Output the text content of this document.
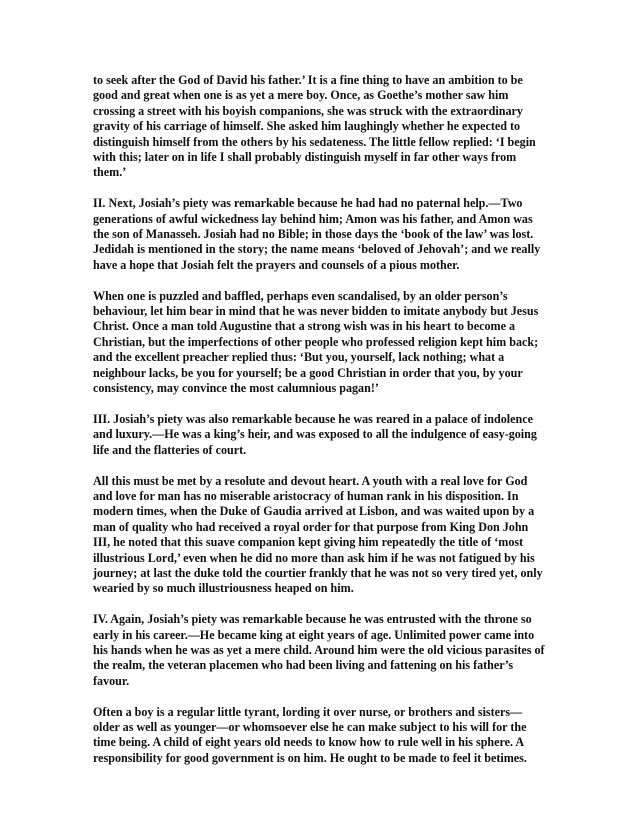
to seek after the God of David his father.’ It is a fine thing to have an ambition to be good and great when one is as yet a mere boy. Once, as Goethe’s mother saw him crossing a street with his boyish companions, she was struck with the extraordinary gravity of his carriage of himself. She asked him laughingly whether he expected to distinguish himself from the others by his sedateness. The little fellow replied: ‘I begin with this; later on in life I shall probably distinguish myself in far other ways from them.’

II. Next, Josiah’s piety was remarkable because he had had no paternal help.—Two generations of awful wickedness lay behind him; Amon was his father, and Amon was the son of Manasseh. Josiah had no Bible; in those days the ‘book of the law’ was lost. Jedidah is mentioned in the story; the name means ‘beloved of Jehovah’; and we really have a hope that Josiah felt the prayers and counsels of a pious mother.

When one is puzzled and baffled, perhaps even scandalised, by an older person’s behaviour, let him bear in mind that he was never bidden to imitate anybody but Jesus Christ. Once a man told Augustine that a strong wish was in his heart to become a Christian, but the imperfections of other people who professed religion kept him back; and the excellent preacher replied thus: ‘But you, yourself, lack nothing; what a neighbour lacks, be you for yourself; be a good Christian in order that you, by your consistency, may convince the most calumnious pagan!’

III. Josiah’s piety was also remarkable because he was reared in a palace of indolence and luxury.—He was a king’s heir, and was exposed to all the indulgence of easy-going life and the flatteries of court.

All this must be met by a resolute and devout heart. A youth with a real love for God and love for man has no miserable aristocracy of human rank in his disposition. In modern times, when the Duke of Gaudia arrived at Lisbon, and was waited upon by a man of quality who had received a royal order for that purpose from King Don John III, he noted that this suave companion kept giving him repeatedly the title of ‘most illustrious Lord,’ even when he did no more than ask him if he was not fatigued by his journey; at last the duke told the courtier frankly that he was not so very tired yet, only wearied by so much illustriousness heaped on him.

IV. Again, Josiah’s piety was remarkable because he was entrusted with the throne so early in his career.—He became king at eight years of age. Unlimited power came into his hands when he was as yet a mere child. Around him were the old vicious parasites of the realm, the veteran placemen who had been living and fattening on his father’s favour.

Often a boy is a regular little tyrant, lording it over nurse, or brothers and sisters—older as well as younger—or whomsoever else he can make subject to his will for the time being. A child of eight years old needs to know how to rule well in his sphere. A responsibility for good government is on him. He ought to be made to feel it betimes.
